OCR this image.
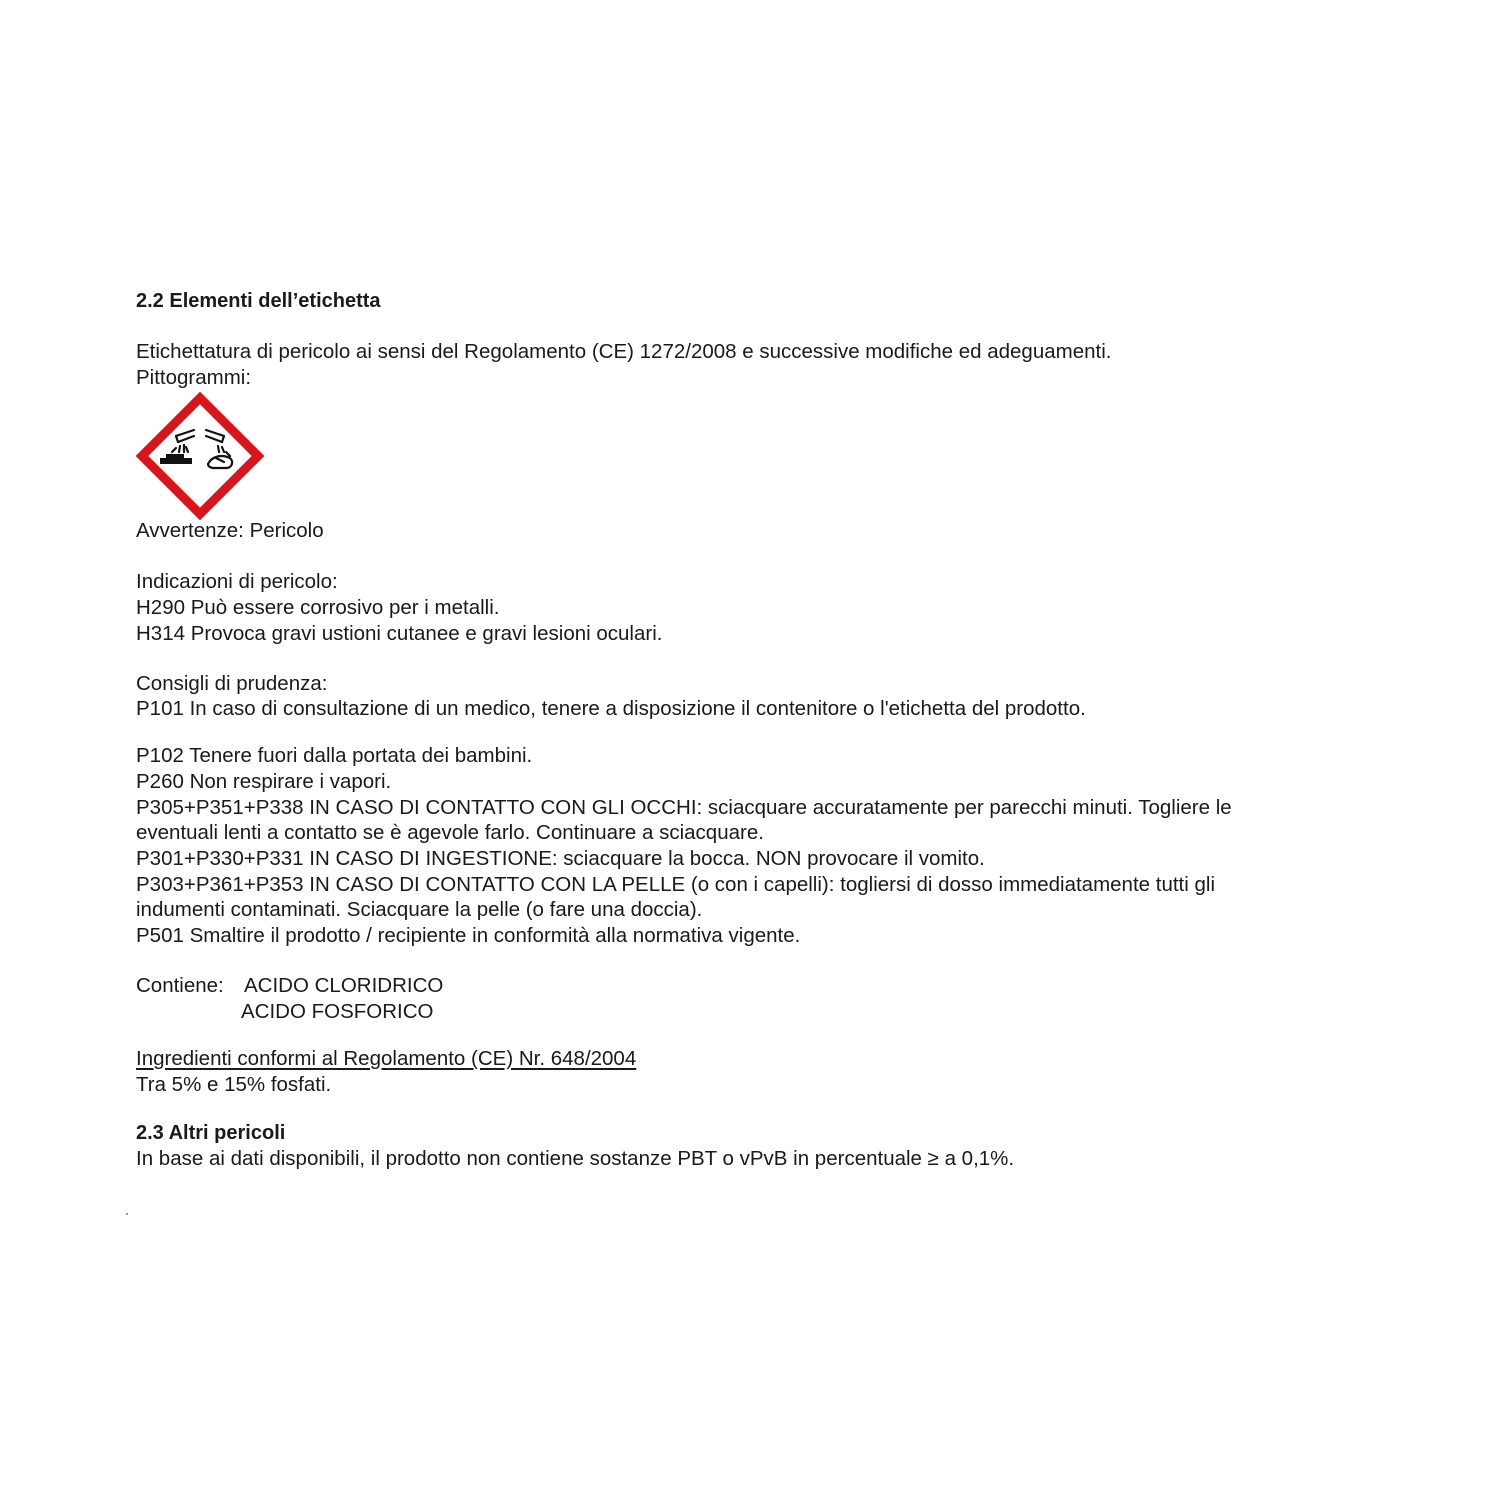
2.2 Elementi dell’etichetta
Etichettatura di pericolo ai sensi del Regolamento (CE) 1272/2008 e successive modifiche ed adeguamenti.
Pittogrammi:
Avvertenze: Pericolo
Indicazioni di pericolo:
H290 Può essere corrosivo per i metalli.
H314 Provoca gravi ustioni cutanee e gravi lesioni oculari.
Consigli di prudenza:
P101 In caso di consultazione di un medico, tenere a disposizione il contenitore o l'etichetta del prodotto.
P102 Tenere fuori dalla portata dei bambini.
P260 Non respirare i vapori.
P305+P351+P338 IN CASO DI CONTATTO CON GLI OCCHI: sciacquare accuratamente per parecchi minuti. Togliere le
eventuali lenti a contatto se è agevole farlo. Continuare a sciacquare.
P301+P330+P331 IN CASO DI INGESTIONE: sciacquare la bocca. NON provocare il vomito.
P303+P361+P353 IN CASO DI CONTATTO CON LA PELLE (o con i capelli): togliersi di dosso immediatamente tutti gli
indumenti contaminati. Sciacquare la pelle (o fare una doccia).
P501 Smaltire il prodotto / recipiente in conformità alla normativa vigente.
Contiene: ACIDO CLORIDRICO
ACIDO FOSFORICO
Ingredienti conformi al Regolamento (CE) Nr. 648/2004
Tra 5% e 15% fosfati.
2.3 Altri pericoli
In base ai dati disponibili, il prodotto non contiene sostanze PBT o vPvB in percentuale ≥ a 0,1%.
